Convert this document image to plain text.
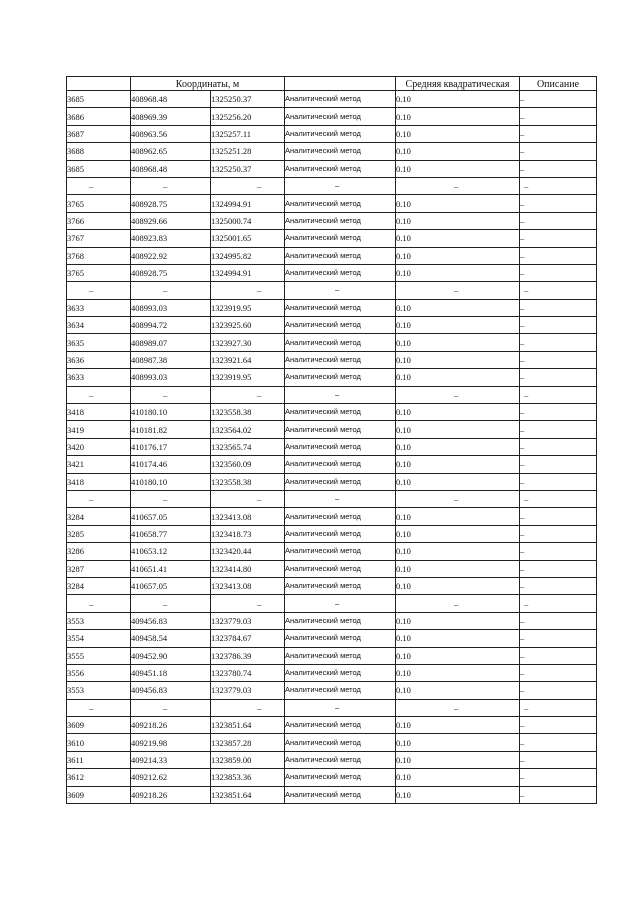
	Координаты, м			Средняя квадратическая	Описание
3685	408968.48	1325250.37	Аналитический метод	0.10	–
3686	408969.39	1325256.20	Аналитический метод	0.10	–
3687	408963.56	1325257.11	Аналитический метод	0.10	–
3688	408962.65	1325251.28	Аналитический метод	0.10	–
3685	408968.48	1325250.37	Аналитический метод	0.10	–
–	–	–	–	–	–
3765	408928.75	1324994.91	Аналитический метод	0.10	–
3766	408929.66	1325000.74	Аналитический метод	0.10	–
3767	408923.83	1325001.65	Аналитический метод	0.10	–
3768	408922.92	1324995.82	Аналитический метод	0.10	–
3765	408928.75	1324994.91	Аналитический метод	0.10	–
–	–	–	–	–	–
3633	408993.03	1323919.95	Аналитический метод	0.10	–
3634	408994.72	1323925.60	Аналитический метод	0.10	–
3635	408989.07	1323927.30	Аналитический метод	0.10	–
3636	408987.38	1323921.64	Аналитический метод	0.10	–
3633	408993.03	1323919.95	Аналитический метод	0.10	–
–	–	–	–	–	–
3418	410180.10	1323558.38	Аналитический метод	0.10	–
3419	410181.82	1323564.02	Аналитический метод	0.10	–
3420	410176.17	1323565.74	Аналитический метод	0.10	–
3421	410174.46	1323560.09	Аналитический метод	0.10	–
3418	410180.10	1323558.38	Аналитический метод	0.10	–
–	–	–	–	–	–
3284	410657.05	1323413.08	Аналитический метод	0.10	–
3285	410658.77	1323418.73	Аналитический метод	0.10	–
3286	410653.12	1323420.44	Аналитический метод	0.10	–
3287	410651.41	1323414.80	Аналитический метод	0.10	–
3284	410657.05	1323413.08	Аналитический метод	0.10	–
–	–	–	–	–	–
3553	409456.83	1323779.03	Аналитический метод	0.10	–
3554	409458.54	1323784.67	Аналитический метод	0.10	–
3555	409452.90	1323786.39	Аналитический метод	0.10	–
3556	409451.18	1323780.74	Аналитический метод	0.10	–
3553	409456.83	1323779.03	Аналитический метод	0.10	–
–	–	–	–	–	–
3609	409218.26	1323851.64	Аналитический метод	0.10	–
3610	409219.98	1323857.28	Аналитический метод	0.10	–
3611	409214.33	1323859.00	Аналитический метод	0.10	–
3612	409212.62	1323853.36	Аналитический метод	0.10	–
3609	409218.26	1323851.64	Аналитический метод	0.10	–
